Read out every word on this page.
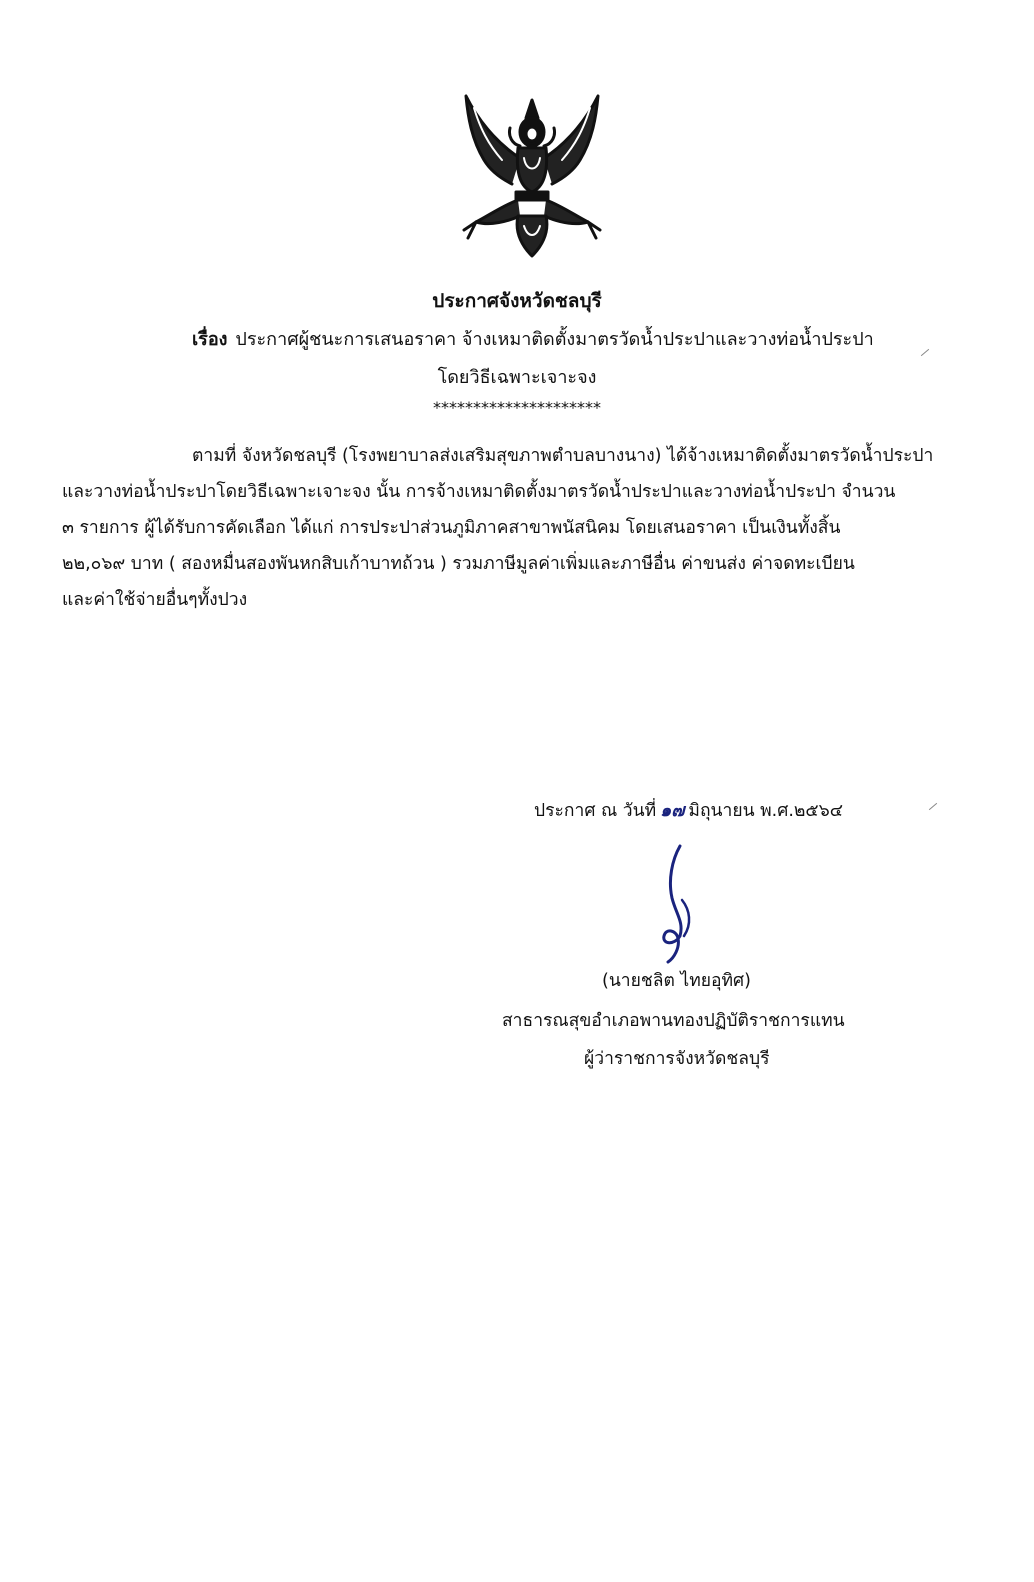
ประกาศจังหวัดชลบุรี
เรื่อง ประกาศผู้ชนะการเสนอราคา จ้างเหมาติดตั้งมาตรวัดน้ำประปาและวางท่อน้ำประปา
โดยวิธีเฉพาะเจาะจง
*********************
ตามที่ จังหวัดชลบุรี (โรงพยาบาลส่งเสริมสุขภาพตำบลบางนาง) ได้จ้างเหมาติดตั้งมาตรวัดน้ำประปา
และวางท่อน้ำประปาโดยวิธีเฉพาะเจาะจง นั้น การจ้างเหมาติดตั้งมาตรวัดน้ำประปาและวางท่อน้ำประปา จำนวน
๓ รายการ ผู้ได้รับการคัดเลือก ได้แก่ การประปาส่วนภูมิภาคสาขาพนัสนิคม โดยเสนอราคา เป็นเงินทั้งสิ้น
๒๒,๐๖๙ บาท ( สองหมื่นสองพันหกสิบเก้าบาทถ้วน ) รวมภาษีมูลค่าเพิ่มและภาษีอื่น ค่าขนส่ง ค่าจดทะเบียน
และค่าใช้จ่ายอื่นๆทั้งปวง
ประกาศ ณ วันที่ ๑๗ มิถุนายน พ.ศ.๒๕๖๔
(นายชลิต ไทยอุทิศ)
สาธารณสุขอำเภอพานทองปฏิบัติราชการแทน
ผู้ว่าราชการจังหวัดชลบุรี
